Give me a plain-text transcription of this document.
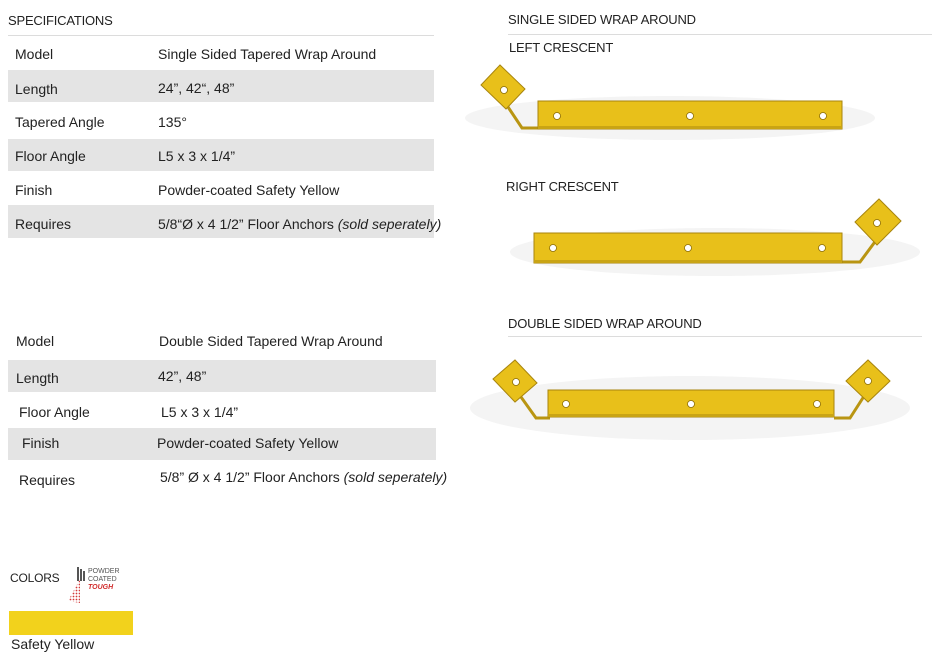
SPECIFICATIONS
Model	Single Sided Tapered Wrap Around
Length	24”, 42“, 48”
Tapered Angle	135°
Floor Angle	L5 x 3 x 1/4”
Finish	Powder-coated Safety Yellow
Requires	5/8“Ø x 4 1/2” Floor Anchors (sold seperately)
Model	Double Sided Tapered Wrap Around
Length	42”, 48”
Floor Angle	L5 x 3 x 1/4”
Finish	Powder-coated Safety Yellow
Requires	5/8” Ø x 4 1/2” Floor Anchors (sold seperately)
COLORS	POWDER
COATED
TOUGH
Safety Yellow
SINGLE SIDED WRAP AROUND
LEFT CRESCENT
RIGHT CRESCENT
DOUBLE SIDED WRAP AROUND
